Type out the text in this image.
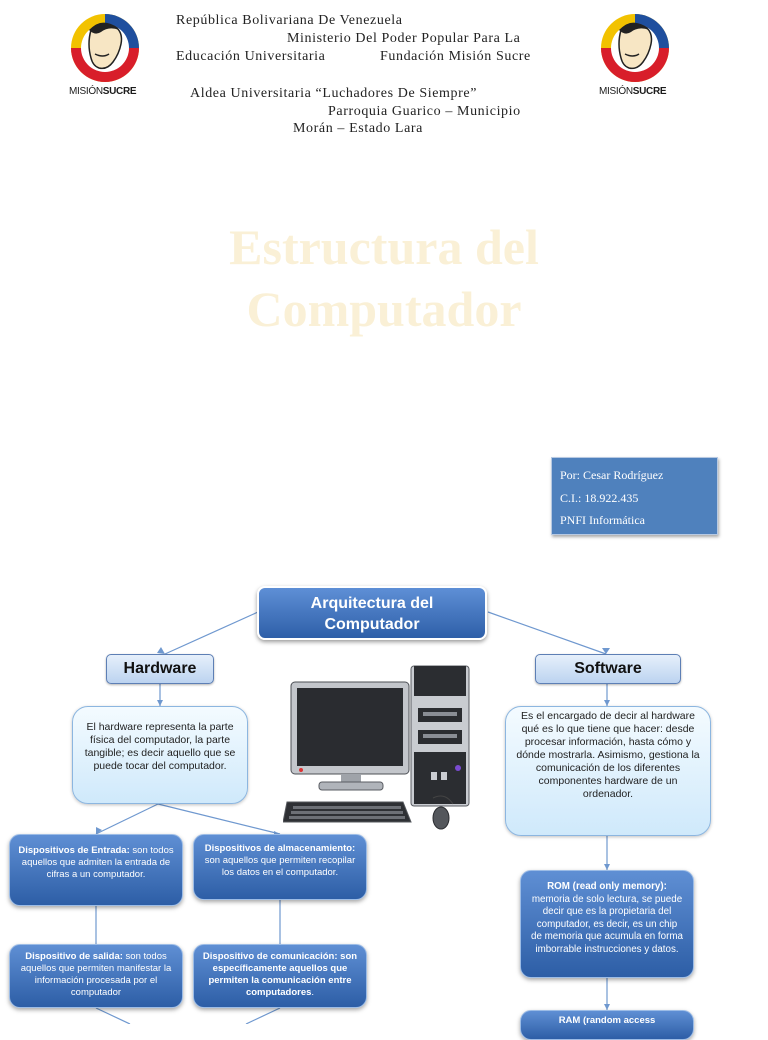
MISIÓNSUCRE	MISIÓNSUCRE
República Bolivariana De Venezuela
Ministerio Del Poder Popular Para La
Educación Universitaria	Fundación Misión Sucre
Aldea Universitaria “Luchadores De Siempre”
Parroquia Guarico – Municipio
Morán – Estado Lara
Estructura del
Computador
Por: Cesar Rodríguez
C.I.: 18.922.435
PNFI Informática
Arquitectura del
Computador
Hardware	Software
El hardware representa la parte física del computador, la parte tangible; es decir aquello que se puede tocar del computador.
Es el encargado de decir al hardware qué es lo que tiene que hacer: desde procesar información, hasta cómo y dónde mostrarla. Asimismo, gestiona la comunicación de los diferentes componentes hardware de un ordenador.
Dispositivos de Entrada: son todos aquellos que admiten la entrada de cifras a un computador.
Dispositivos de almacenamiento: son aquellos que permiten recopilar los datos en el computador.
Dispositivo de salida: son todos aquellos que permiten manifestar la información procesada por el computador
Dispositivo de comunicación: son específicamente aquellos que permiten la comunicación entre computadores.
ROM (read only memory): memoria de solo lectura, se puede decir que es la propietaria del computador, es decir, es un chip de memoria que acumula en forma imborrable instrucciones y datos.
RAM (random access
